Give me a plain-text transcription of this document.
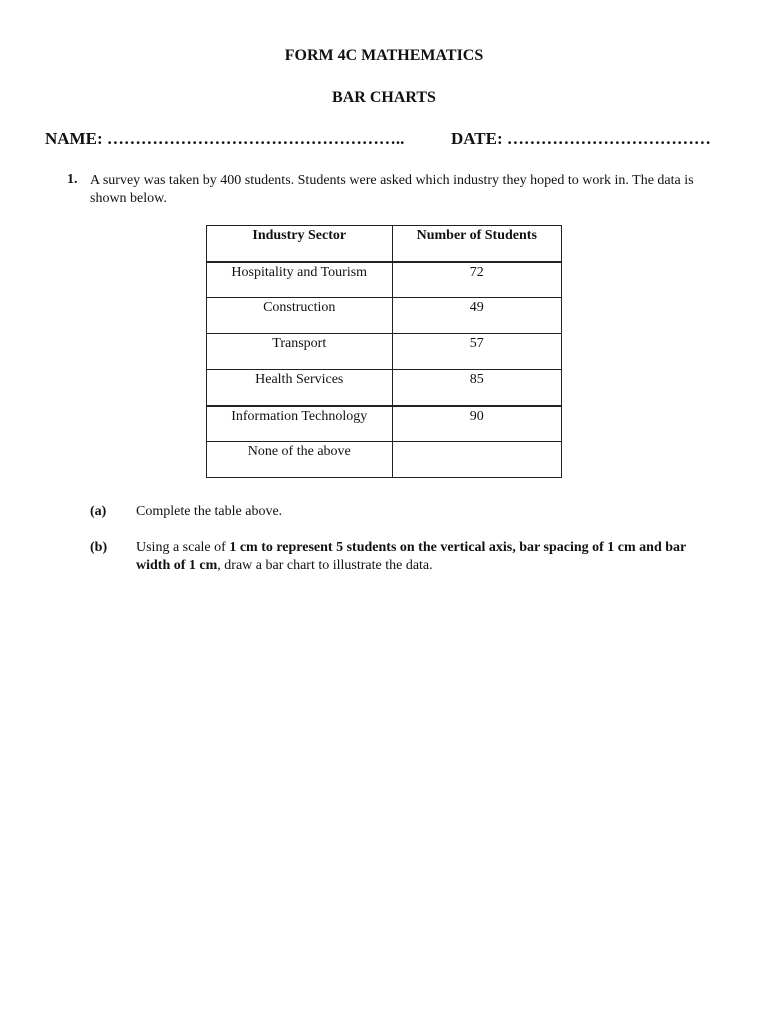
FORM 4C MATHEMATICS
BAR CHARTS
NAME: ……………………………………………..	DATE: ………………………………
1. A survey was taken by 400 students. Students were asked which industry they hoped to work in. The data is shown below.
Industry Sector	Number of Students
Hospitality and Tourism	72
Construction	49
Transport	57
Health Services	85
Information Technology	90
None of the above	
(a) Complete the table above.
(b) Using a scale of 1 cm to represent 5 students on the vertical axis, bar spacing of 1 cm and bar width of 1 cm, draw a bar chart to illustrate the data.
